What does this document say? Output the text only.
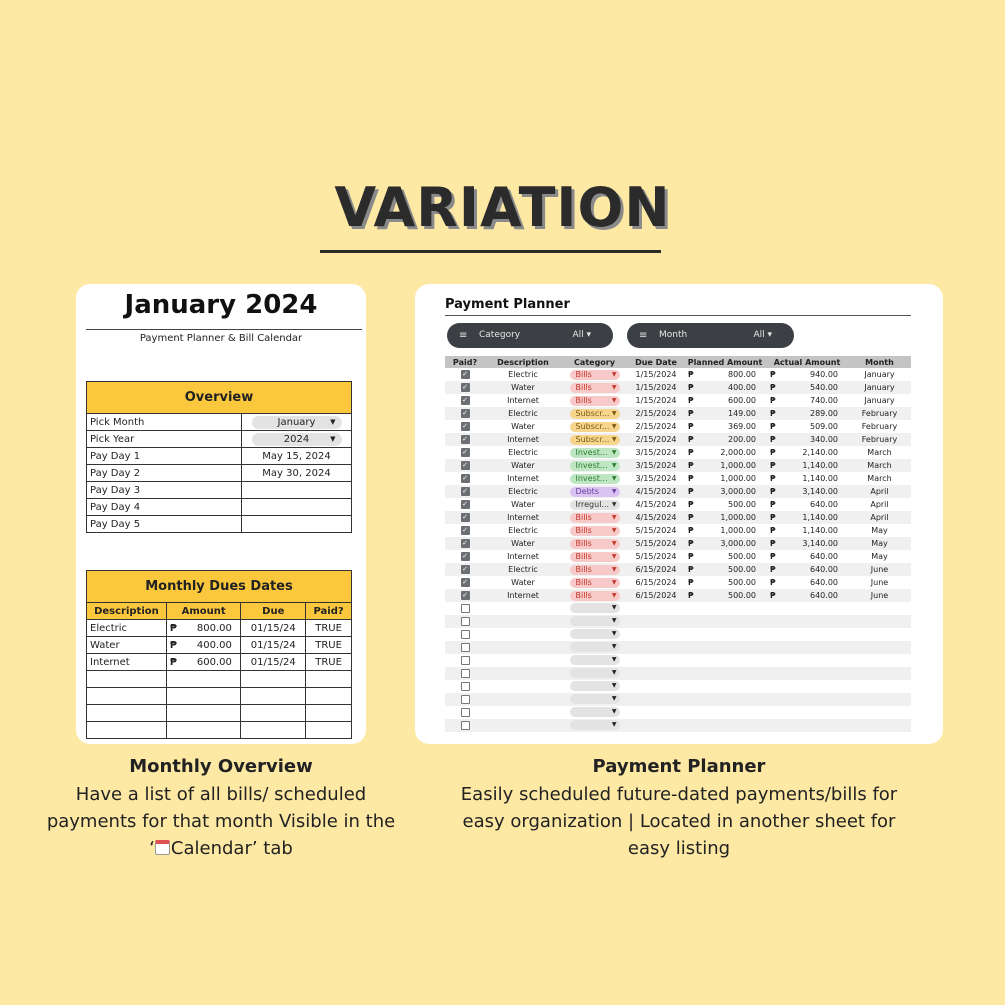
VARIATION
January 2024
Payment Planner & Bill Calendar
Overview	
Pick Month	January ▼

Pick Year	2024 ▼

Pay Day 1	May 15, 2024
Pay Day 2	May 30, 2024
Pay Day 3	
Pay Day 4	
Pay Day 5	
Monthly Dues Dates			
Description	Amount	Due	Paid?
Electric	₱ 800.00	01/15/24	TRUE
Water	₱ 400.00	01/15/24	TRUE
Internet	₱ 600.00	01/15/24	TRUE

Monthly Overview
Have a list of all bills/ scheduled payments for that month Visible in the ‘ Calendar’ tab
Payment Planner
≡ Category	All ▾	≡ Month	All ▾
Paid?	Description	Category	Due Date	Planned Amount	Actual Amount	Month
✓	Electric	Bills ▼	1/15/2024	₱ 800.00	₱ 940.00	January
✓	Water	Bills ▼	1/15/2024	₱ 400.00	₱ 540.00	January
✓	Internet	Bills ▼	1/15/2024	₱ 600.00	₱ 740.00	January
✓	Electric	Subscr... ▼	2/15/2024	₱ 149.00	₱ 289.00	February
✓	Water	Subscr... ▼	2/15/2024	₱ 369.00	₱ 509.00	February
✓	Internet	Subscr... ▼	2/15/2024	₱ 200.00	₱ 340.00	February
✓	Electric	Invest... ▼	3/15/2024	₱ 2,000.00	₱ 2,140.00	March
✓	Water	Invest... ▼	3/15/2024	₱ 1,000.00	₱ 1,140.00	March
✓	Internet	Invest... ▼	3/15/2024	₱ 1,000.00	₱ 1,140.00	March
✓	Electric	Debts ▼	4/15/2024	₱ 3,000.00	₱ 3,140.00	April
✓	Water	Irregul... ▼	4/15/2024	₱ 500.00	₱ 640.00	April
✓	Internet	Bills ▼	4/15/2024	₱ 1,000.00	₱ 1,140.00	April
✓	Electric	Bills ▼	5/15/2024	₱ 1,000.00	₱ 1,140.00	May
✓	Water	Bills ▼	5/15/2024	₱ 3,000.00	₱ 3,140.00	May
✓	Internet	Bills ▼	5/15/2024	₱ 500.00	₱ 640.00	May
✓	Electric	Bills ▼	6/15/2024	₱ 500.00	₱ 640.00	June
✓	Water	Bills ▼	6/15/2024	₱ 500.00	₱ 640.00	June
✓	Internet	Bills ▼	6/15/2024	₱ 500.00	₱ 640.00	June

		▼				

		▼				

		▼				

		▼				

		▼				

		▼				

		▼				

		▼				

		▼				

		▼				

Payment Planner
Easily scheduled future-dated payments/bills for easy organization | Located in another sheet for easy listing
